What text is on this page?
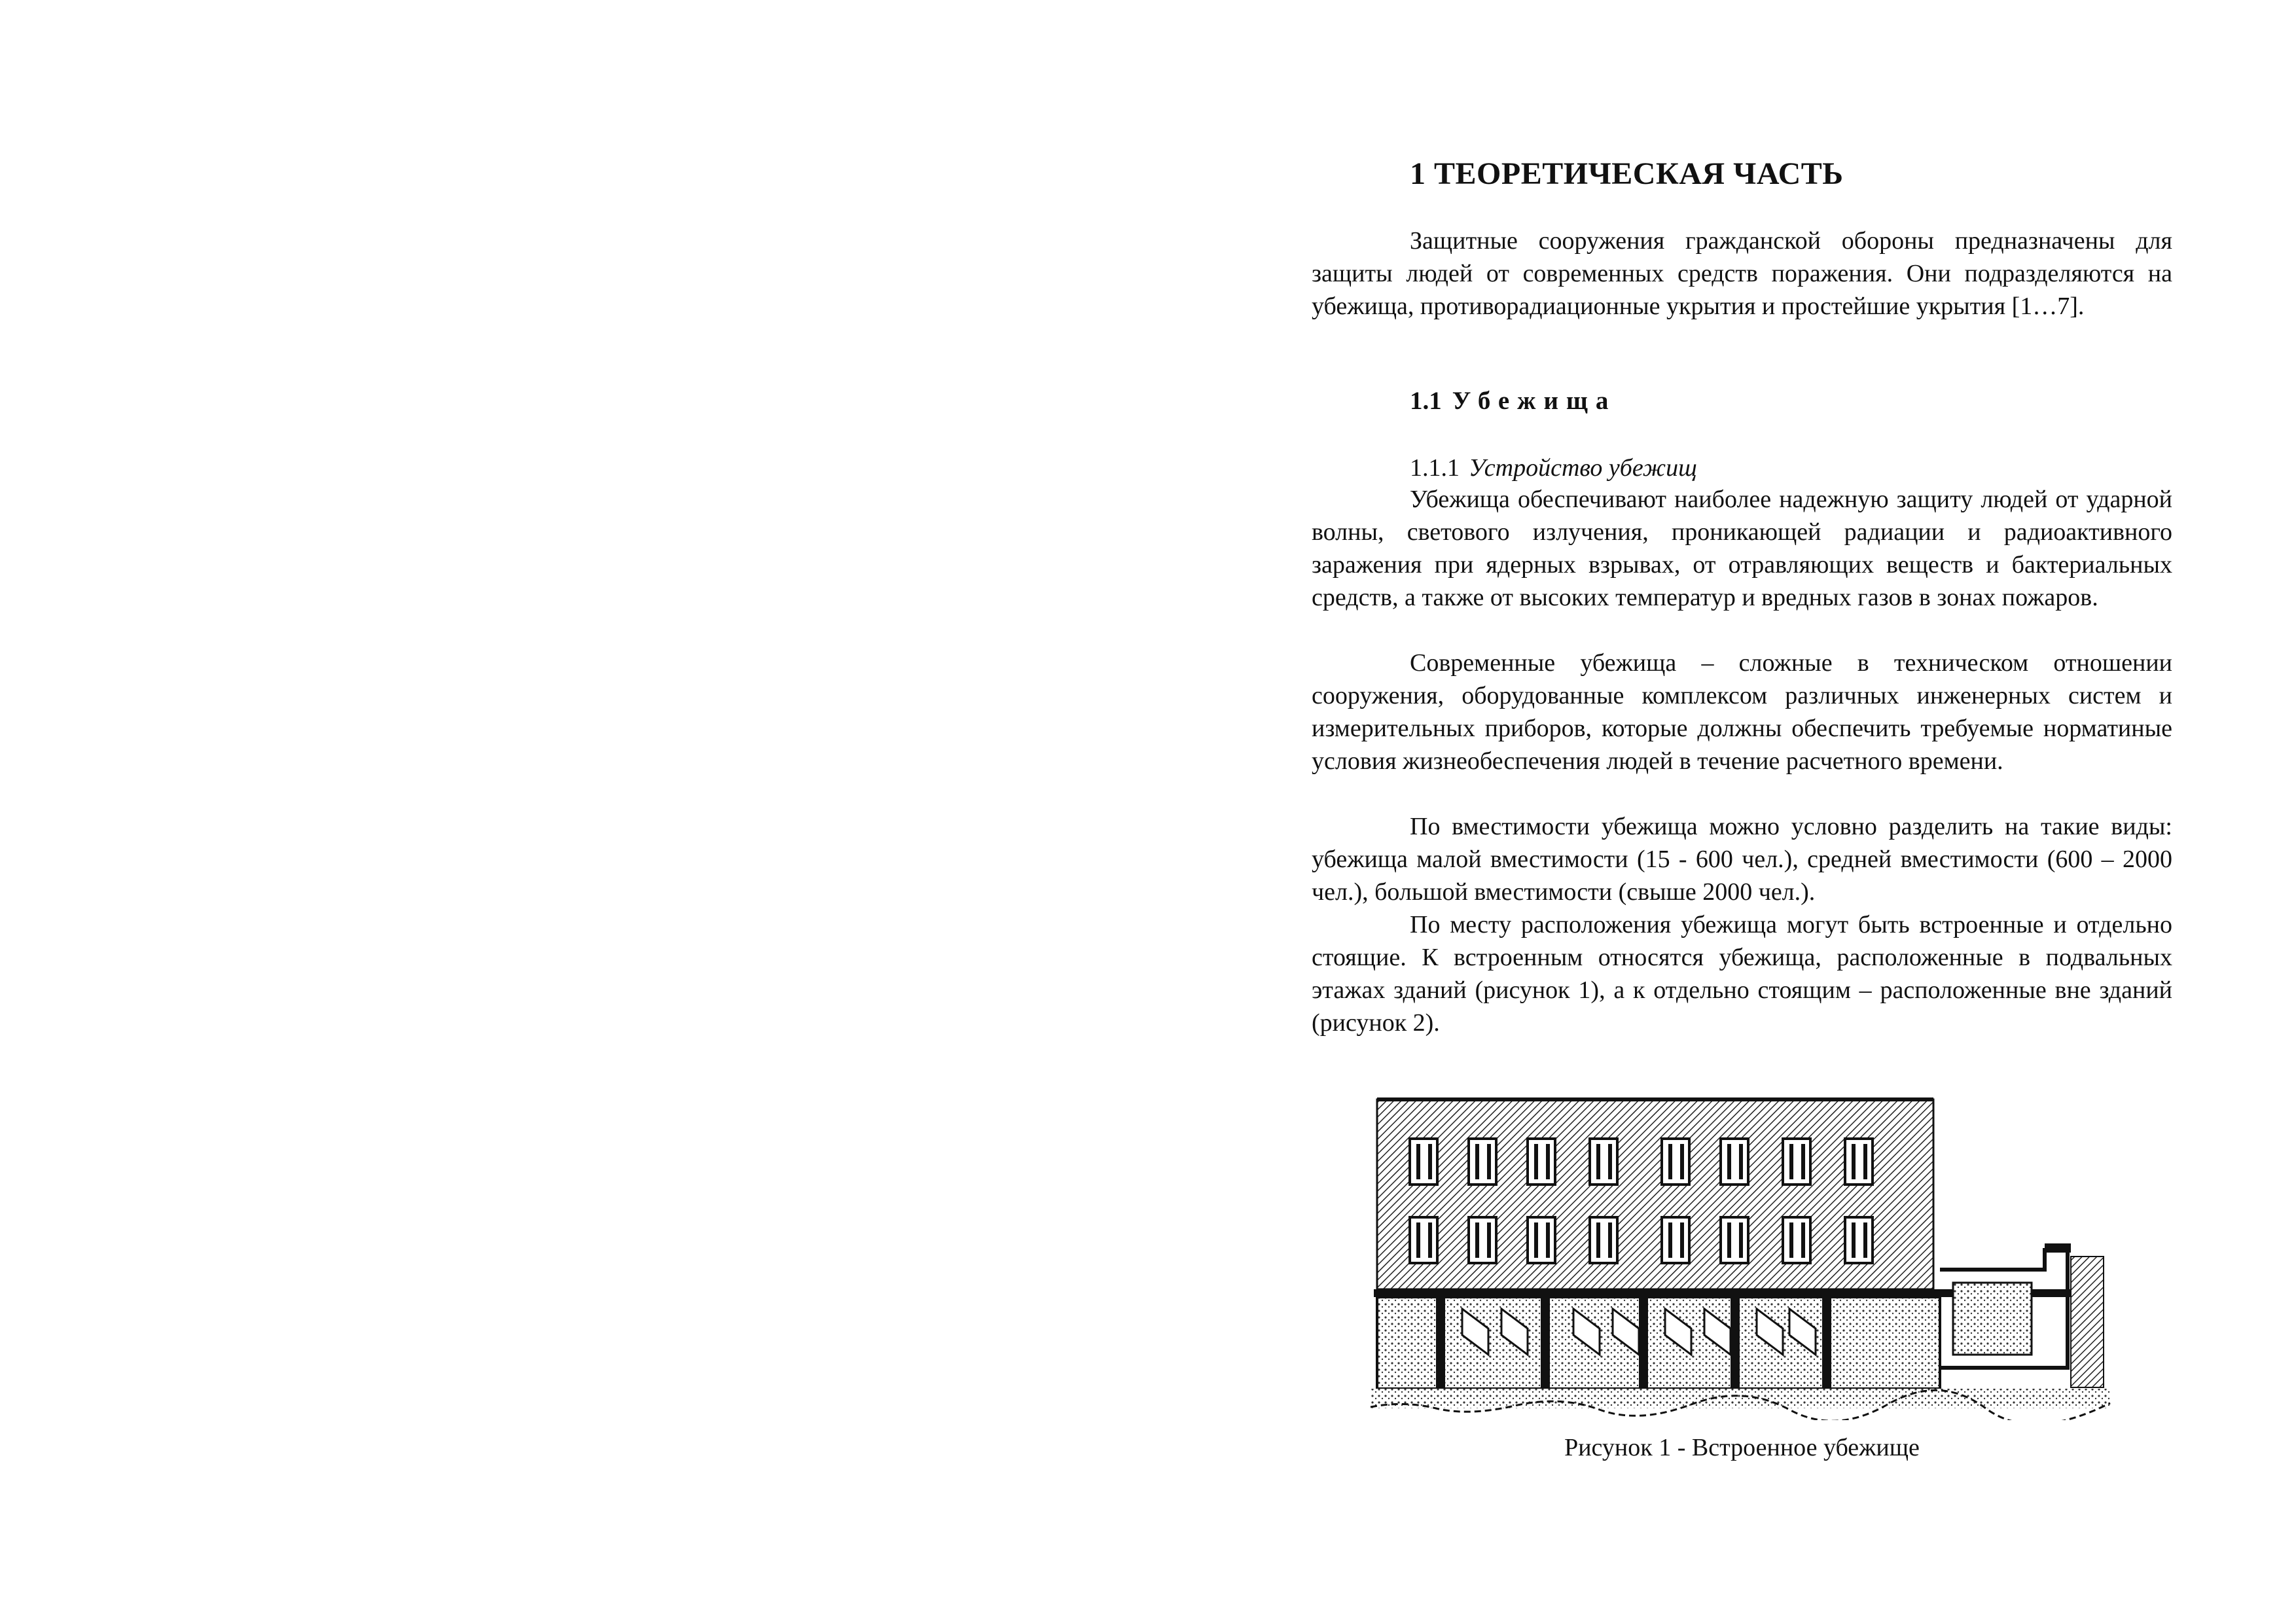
1 ТЕОРЕТИЧЕСКАЯ ЧАСТЬ

Защитные сооружения гражданской обороны предназначены для защиты людей от современных средств поражения. Они подразделяются на убежища, противорадиационные укрытия и простейшие укрытия [1…7].

1.1 Убежища
1.1.1 Устройство убежищ

Убежища обеспечивают наиболее надежную защиту людей от ударной волны, светового излучения, проникающей радиации и радиоактивного заражения при ядерных взрывах, от отравляющих веществ и бактериальных средств, а также от высоких температур и вредных газов в зонах пожаров.

Современные убежища – сложные в техническом отношении сооружения, оборудованные комплексом различных инженерных систем и измерительных приборов, которые должны обеспечить требуемые норматиные условия жизнеобеспечения людей в течение расчетного времени.

По вместимости убежища можно условно разделить на такие виды: убежища малой вместимости (15 - 600 чел.), средней вместимости (600 – 2000 чел.), большой вместимости (свыше 2000 чел.).

По месту расположения убежища могут быть встроенные и отдельно стоящие. К встроенным относятся убежища, расположенные в подвальных этажах зданий (рисунок 1), а к отдельно стоящим – расположенные вне зданий (рисунок 2).

Рисунок 1 - Встроенное убежище
